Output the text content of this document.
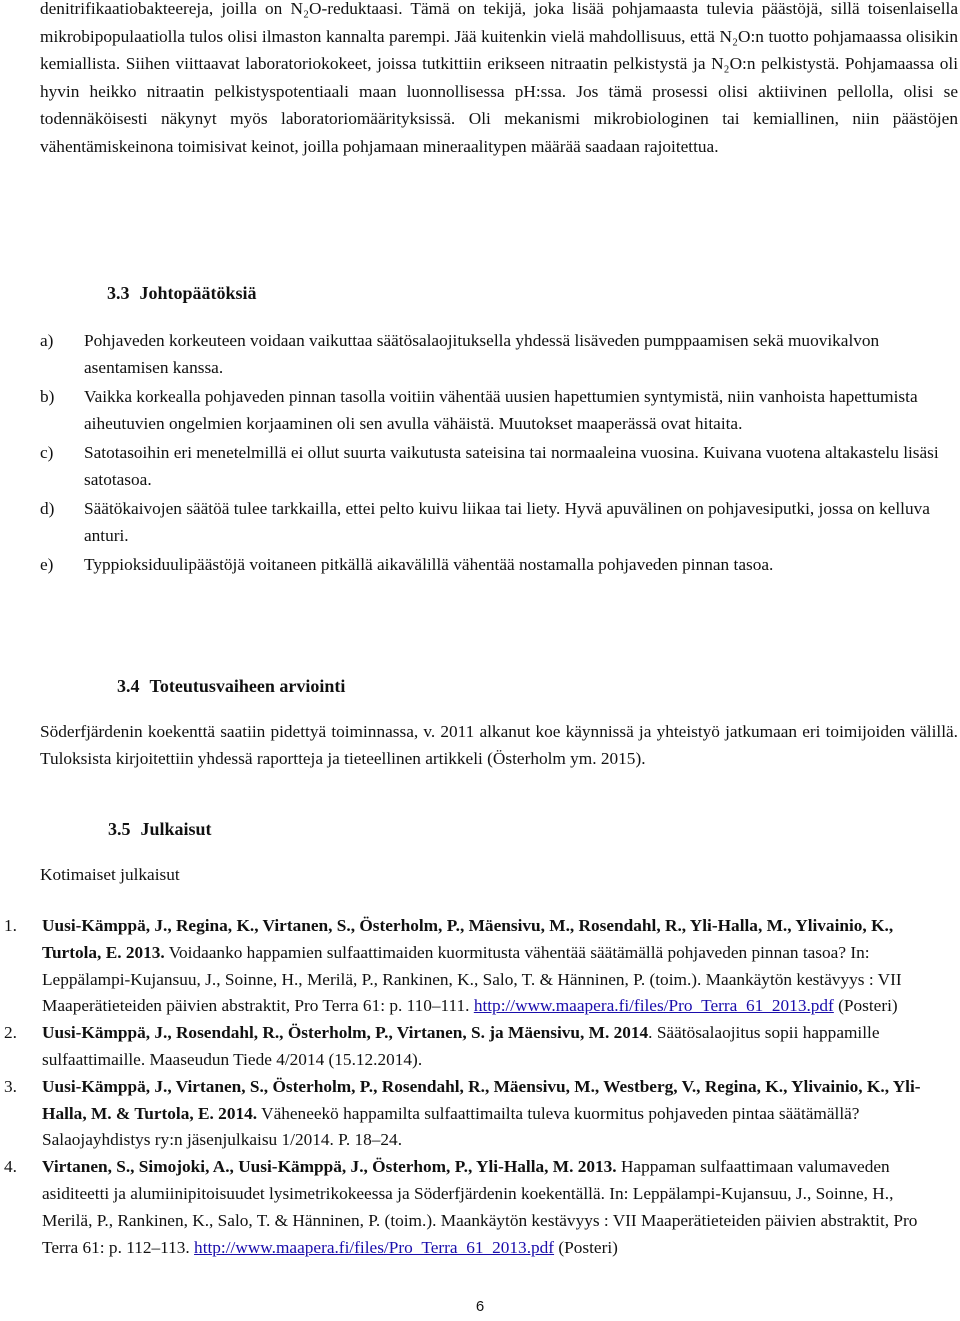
denitrifikaatiobakteereja, joilla on N₂O-reduktaasi. Tämä on tekijä, joka lisää pohjamaasta tulevia päästöjä, sillä toisenlaisella mikrobipopulaatiolla tulos olisi ilmaston kannalta parempi. Jää kuitenkin vielä mahdollisuus, että N₂O:n tuotto pohjamaassa olisikin kemiallista. Siihen viittaavat laboratoriokokeet, joissa tutkittiin erikseen nitraatin pelkistystä ja N₂O:n pelkistystä. Pohjamaassa oli hyvin heikko nitraatin pelkistyspotentiaali maan luonnollisessa pH:ssa. Jos tämä prosessi olisi aktiivinen pellolla, olisi se todennäköisesti näkynyt myös laboratoriomäärityksissä. Oli mekanismi mikrobiologinen tai kemiallinen, niin päästöjen vähentämiskeinona toimisivat keinot, joilla pohjamaan mineraalitypen määrää saadaan rajoitettua.

3.3 Johtopäätöksiä
a) Pohjaveden korkeuteen voidaan vaikuttaa säätösalaojituksella yhdessä lisäveden pumppaamisen sekä muovikalvon asentamisen kanssa.
b) Vaikka korkealla pohjaveden pinnan tasolla voitiin vähentää uusien hapettumien syntymistä, niin vanhoista hapettumista aiheutuvien ongelmien korjaaminen oli sen avulla vähäistä. Muutokset maaperässä ovat hitaita.
c) Satotasoihin eri menetelmillä ei ollut suurta vaikutusta sateisina tai normaaleina vuosina. Kuivana vuotena altakastelu lisäsi satotasoa.
d) Säätökaivojen säätöä tulee tarkkailla, ettei pelto kuivu liikaa tai liety. Hyvä apuvälinen on pohjavesiputki, jossa on kelluva anturi.
e) Typpioksiduulipäästöjä voitaneen pitkällä aikavälillä vähentää nostamalla pohjaveden pinnan tasoa.
3.4 Toteutusvaiheen arviointi

Söderfjärdenin koekenttä saatiin pidettyä toiminnassa, v. 2011 alkanut koe käynnissä ja yhteistyö jatkumaan eri toimijoiden välillä. Tuloksista kirjoitettiin yhdessä raportteja ja tieteellinen artikkeli (Österholm ym. 2015).

3.5 Julkaisut

Kotimaiset julkaisut

1. Uusi-Kämppä, J., Regina, K., Virtanen, S., Österholm, P., Mäensivu, M., Rosendahl, R., Yli-Halla, M., Ylivainio, K., Turtola, E. 2013. Voidaanko happamien sulfaattimaiden kuormitusta vähentää säätämällä pohjaveden pinnan tasoa? In: Leppälampi-Kujansuu, J., Soinne, H., Merilä, P., Rankinen, K., Salo, T. & Hänninen, P. (toim.). Maankäytön kestävyys : VII Maaperätieteiden päivien abstraktit, Pro Terra 61: p. 110–111. http://www.maapera.fi/files/Pro_Terra_61_2013.pdf (Posteri)
2. Uusi-Kämppä, J., Rosendahl, R., Österholm, P., Virtanen, S. ja Mäensivu, M. 2014. Säätösalaojitus sopii happamille sulfaattimaille. Maaseudun Tiede 4/2014 (15.12.2014).
3. Uusi-Kämppä, J., Virtanen, S., Österholm, P., Rosendahl, R., Mäensivu, M., Westberg, V., Regina, K., Ylivainio, K., Yli-Halla, M. & Turtola, E. 2014. Väheneekö happamilta sulfaattimailta tuleva kuormitus pohjaveden pintaa säätämällä? Salaojayhdistys ry:n jäsenjulkaisu 1/2014. P. 18–24.
4. Virtanen, S., Simojoki, A., Uusi-Kämppä, J., Österhom, P., Yli-Halla, M. 2013. Happaman sulfaattimaan valumaveden asiditeetti ja alumiinipitoisuudet lysimetrikokeessa ja Söderfjärdenin koekentällä. In: Leppälampi-Kujansuu, J., Soinne, H., Merilä, P., Rankinen, K., Salo, T. & Hänninen, P. (toim.). Maankäytön kestävyys : VII Maaperätieteiden päivien abstraktit, Pro Terra 61: p. 112–113. http://www.maapera.fi/files/Pro_Terra_61_2013.pdf (Posteri)
6
